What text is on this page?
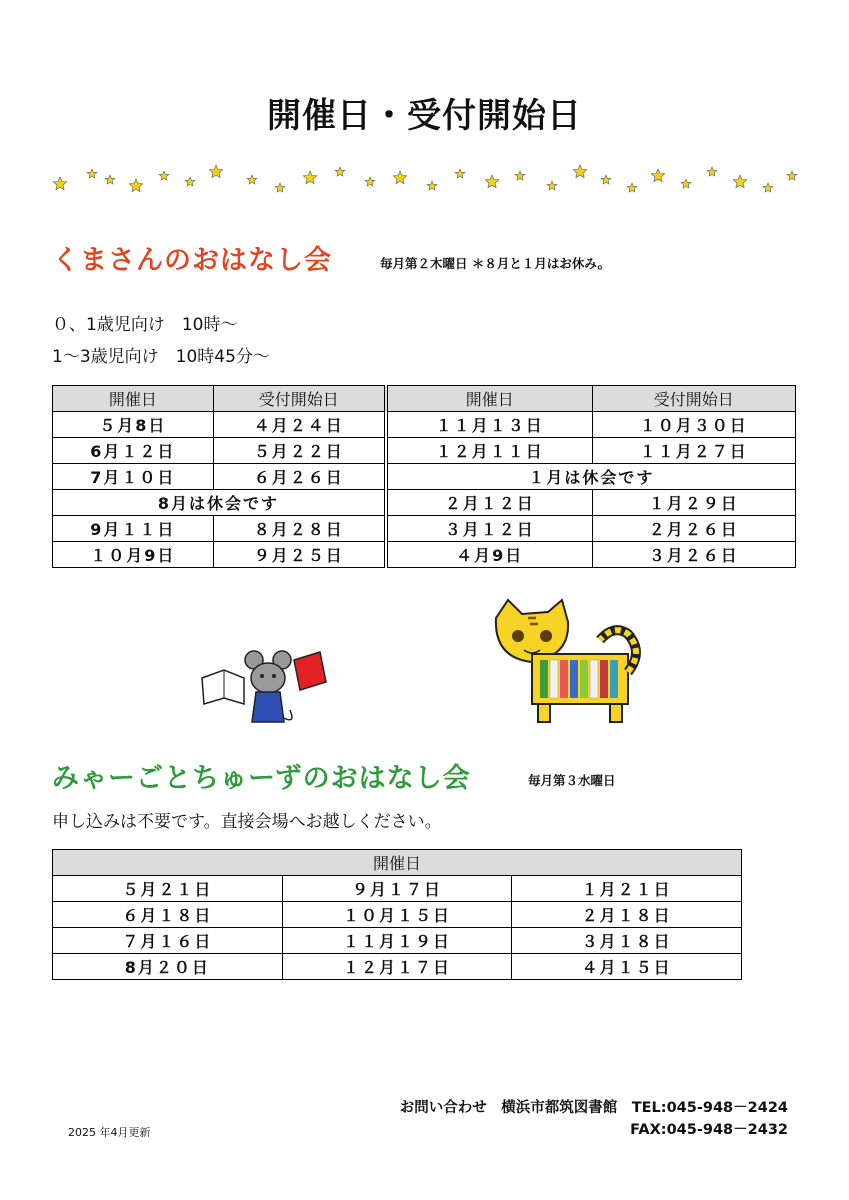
開催日・受付開始日
くまさんのおはなし会	毎月第２木曜日 ＊８月と１月はお休み。
０、1歳児向け　10時～
1～3歳児向け　10時45分～
開催日	受付開始日	開催日	受付開始日
５月8日	４月２４日	１１月１３日	１０月３０日
6月１２日	５月２２日	１２月１１日	１１月２７日
7月１０日	６月２６日	１月は休会です	
8月は休会です		２月１２日	１月２９日
9月１１日	８月２８日	３月１２日	２月２６日
１０月9日	９月２５日	４月9日	３月２６日
みゃーごとちゅーずのおはなし会	毎月第３水曜日
申し込みは不要です。直接会場へお越しください。
開催日		
５月２１日	９月１７日	１月２１日
６月１８日	１０月１５日	２月１８日
７月１６日	１１月１９日	３月１８日
8月２０日	１２月１７日	４月１５日
お問い合わせ　横浜市都筑図書館　TEL:045-948－2424
FAX:045-948－2432
2025 年4月更新
